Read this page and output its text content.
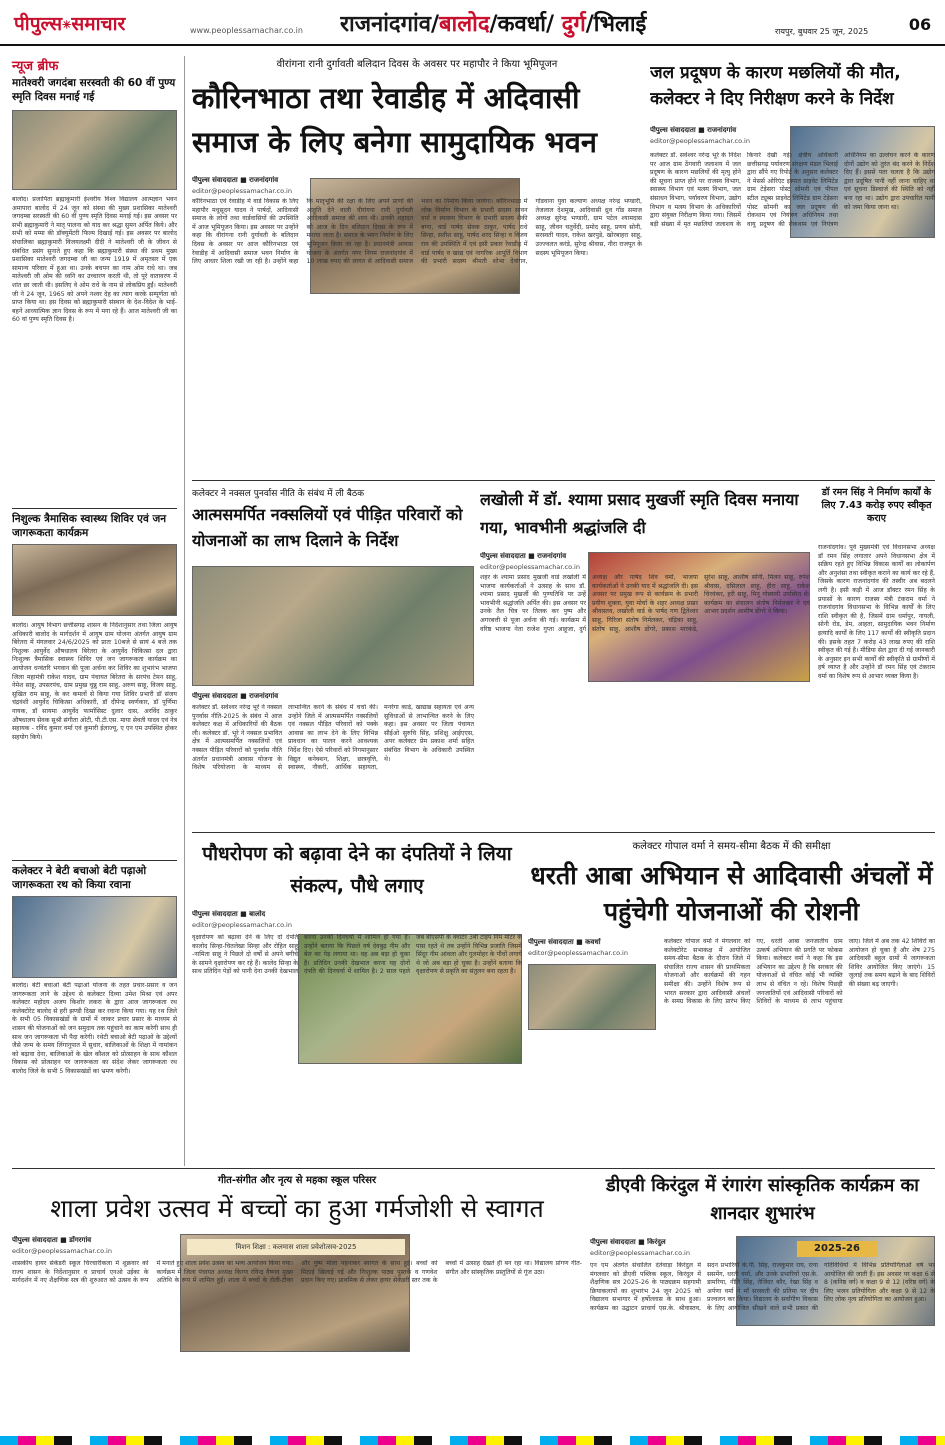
पीपुल्स✳समाचार	www.peoplessamachar.co.in	राजनांदगांव/बालोद/कवर्धा/ दुर्ग/भिलाई	रायपुर, बुधवार 25 जून, 2025	06
न्यूज ब्रीफ
मातेश्वरी जगदंबा सरस्वती की 60 वीं पुण्य स्मृति दिवस मनाई गई
बालोद। प्रजापिता ब्रह्माकुमारी ईश्वरीय विश्व विद्यालय आत्मज्ञान भवन अमापारा बालोद में 24 जून को संस्था की मुख्य प्रशासिका मातेश्वरी जगदम्बा सरस्वती की 60 वीं पुण्य स्मृति दिवस मनाई गई। इस अवसर पर सभी ब्रह्माकुमारी ने मातृ पालना को याद कर श्रद्धा सुमन अर्पित किये। और सभी को मम्मा की डॉक्युमेंटरी फिल्म दिखाई गई। इस अवसर पर बालोद संचालिका ब्रह्माकुमारी विजयलक्ष्मी दीदी ने मातेश्वरी जी के जीवन से संबंधित प्रसंग सुनाते हुए कहा कि ब्रह्माकुमारी संस्था की प्रथम मुख्य प्रशासिका मातेश्वरी जगदम्बा जी का जन्म 1919 में अमृतसर में एक सामान्य परिवार में हुआ था। उनके बचपन का नाम ओम राधे था। जब मातेश्वरी जी ओम की ध्वनि का उच्चारण करती थी, तो पूरे वातावरण में शांत छा जाती थी। इसलिए वे ओम राधे के नाम से लोकप्रिय हुईं। मातेश्वरी जी ने 24 जून, 1965 को अपने नश्वर देह का त्याग करके सम्पूर्णता को प्राप्त किया था। इस दिवस को ब्रह्माकुमारी संस्थान के देश-विदेश के भाई-बहनें आध्यात्मिक ज्ञान दिवस के रूप में मना रहे हैं। आज मातेश्वरी जी का 60 वां पुण्य स्मृति दिवस है।
निशुल्क त्रैमासिक स्वास्थ्य शिविर एवं जन जागरूकता कार्यक्रम
बालोद। आयुष विभाग छत्तीसगढ़ शासन के निर्देशानुसार तथा जिला आयुष अधिकारी बालोद के मार्गदर्शन में आयुष ग्राम योजना अंतर्गत आयुष ग्राम बिरेतरा में मंगलवार 24/6/2025 को प्रातः 10बजे से सायं 4 बजे तक निशुल्क आयुर्वेद औषधालय बिरेतरा के आयुर्वेद चिकित्सा दल द्वारा निःशुल्क त्रैमासिक स्वास्थ्य शिविर एवं जन जागरूकता कार्यक्रम का आयोजन धन्वंतरि भगवान की पूजा अर्चना कर शिविर का शुभारंभ भाजपा जिला महामंत्री राकेश यादव, ग्राम पंचायत बिरेतरा के सरपंच टेमन साहू, नेमेश साहू, उपसरपंच, ग्राम प्रमुख चुन्नु राम साहू, अरुण साहू, विजय साहू, सुखित राम साहू, के कर कमलों से किया गया शिविर प्रभारी डॉ संजय चंद्रवंशी आयुर्वेद चिकित्सा अधिकारी, डॉ दीपेन्द्र स्वर्णकार, डॉ पूर्णिमा नायक, डॉ सायमा आयुर्वेद फार्मासिस्ट दुलार दास, अरविंद ठाकुर औषधालय सेवक सुश्री संगीता ओटी, पी.टी.एस. माया सेवती यादव एवं नेत्र सहायक - रविंद कुमार वर्मा एवं कुमारी ईलाज्यू, ए एन एम उपस्थित होकर सहयोग किये।
कलेक्टर ने बेटी बचाओ बेटी पढ़ाओ जागरूकता रथ को किया रवाना
बालोद। बेटी बचाओ बेटी पढ़ाओ योजना के तहत प्रचार-प्रसार व जन जागरूकता लाने के उद्देश्य से कलेक्टर दिव्या उमेश मिश्रा एवं अपर कलेक्टर महोदय अजय किशोर लकरा के द्वारा आज जागरूकता रथ कलेक्टोरेट बालोद से हरी झण्डी दिखा कर रवाना किया गया। यह रथ जिले के सभी 05 विकासखंडों के ग्रामों में जाकर प्रचार प्रसार के माध्यम से शासन की योजनाओं को जन समुदाय तक पहुंचाने का काम करेगी साथ ही साथ जन जागरूकता भी पैदा करेगी। रथेटी बचाओ बेटी पढ़ाओ के उद्देश्यों जैसे जन्म के समय लिंगानुपात में सुधार, बालिकाओं के शिक्षा में नामांकन को बढ़ावा देना, बालिकाओं के खेल कौशल को प्रोत्साहन के साथ कौशल विकास को प्रोत्साहन पर जागरूकता का संदेश लेकर जागरूकता रथ बालोद जिले के सभी 5 विकासखंडों का भ्रमण करेगी।
वीरांगना रानी दुर्गावती बलिदान दिवस के अवसर पर महापौर ने किया भूमिपूजन
कौरिनभाठा तथा रेवाडीह में अदिवासी समाज के लिए बनेगा सामुदायिक भवन
पीपुल्स संवाददाता ■ राजनांदगांव
editor@peoplessamachar.co.in
कौरिनभाठा एवं रेवाडीह में वार्ड विकास के लिए महापौर मधुसूदन यादव ने पार्षदों, आदिवासी समाज के लोगों तथा वार्डवासियों की उपस्थिति में आज भूमिपूजन किया। इस अवसर पर उन्होंने कहा कि वीरांगना रानी दुर्गावती के बलिदान दिवस के अवसर पर आज कौरिनभाठा एवं रेवाडीह में आदिवासी समाज भवन निर्माण के लिए आधार शिला रखी जा रही है। उन्होंने कहा कि मातृभूमि की रक्षा के लिए अपने प्राणों की आहूति देने वाली वीरांगना रानी दुर्गावती आदिवासी समाज की शान थी। उनकी शहादत को आज के दिन बलिदान दिवस के रूप में मनाया जाता है। समाज के भवन निर्माण के लिए भूमिपूजन किया जा रहा है। प्रधानमंत्री आवास योजना के अंतर्गत नगर निगम राजनांदगांव में 10 लाख रुपए की लागत से आदिवासी समाज भवन का निर्माण किया जायेगा। कौरिनभाठा में लोक निर्माण विभाग के प्रभारी सदस्य सावन वर्मा व स्वास्थ्य विभाग के प्रभारी सदस्य शैकी बग्गा, वार्ड पार्षद सेवक ठाकुर, पार्षद राधे सिन्हा, सतीश साहू, पार्षद शरद सिन्हा व विजय राय की उपस्थिति में एवं इसी प्रकार रेवाडीह में वार्ड पार्षद व खाद्य एवं नागरिक आपूर्ति विभाग की प्रभारी सदस्य श्रीमती शोभा देवांगन, गोंडवाना युवा कल्याण अध्यक्ष नरेन्द्र भण्डारी, तेजलाल देशमुख, आदिवासी ध्रुव गोंड समाज अध्यक्ष सुरेन्द्र भण्डारी, ग्राम पटेल श्यामदास साहू, जीवन चतुर्वेदी, प्रमोद साहू, प्रणय सोनी, सरस्वती यादव, राकेश खरपुडे, खोरबाहरा साहू, उज्ज्वलत करंडे, सुरेन्द्र श्रीवास, नीरा राजपूत के सदस्य भूमिपूजन किया।
जल प्रदूषण के कारण मछलियों की मौत, कलेक्टर ने दिए निरीक्षण करने के निर्देश
पीपुल्स संवाददाता ■ राजनांदगांव
editor@peoplessamachar.co.in
कलेक्टर डॉ. सर्वेश्वर नरेन्द्र भूरे के निर्देश पर आज ग्राम ठेंगवारी जलाशय में जल प्रदूषण के कारण मछलियों की मृत्यु होने की सूचना प्राप्त होने पर राजस्व विभाग, स्वास्थ्य विभाग एवं मत्स्य विभाग, जल संसाधन विभाग, पर्यावरण विभाग, उद्योग विभाग व मत्स्य विभाग के अधिकारियों द्वारा संयुक्त निरीक्षण किया गया। जिसमें बड़ी संख्या में मृत मछलियां जलाशय के किनारे देखी गई। क्षेत्रीय अधिकारी छत्तीसगढ़ पर्यावरण संरक्षण मंडल भिलाई द्वारा सौंपे गए रिपोर्ट के अनुसार कलेक्टर ने मेसर्स ओरिएंट इस्पात प्राइवेट लिमिटेड ग्राम टेड़ेसरा पोस्ट सोमनी एवं पीपल स्टील ट्यूब्स प्राइवेट लिमिटेड ग्राम टेड़ेसरा पोस्ट सोमनी का जल प्रदूषण की रोकथाम एवं नियंत्रण अधिनियम तथा वायु प्रदूषण की रोकथाम एवं नियंत्रण अधिनियम का उल्लंघन करने के कारण दोनों उद्योग को तुरंत बंद करने के निर्देश दिए हैं। इससे पता चलता है कि उद्योग द्वारा प्रदूषित पानी नहीं जाना चाहिए था एवं सूचना डिस्चार्ज की स्थिति को नहीं बना रहा था। उद्योग द्वारा उपचारित पानी को जमा किया जाना था।
कलेक्टर ने नक्सल पुनर्वास नीति के संबंध में ली बैठक
आत्मसमर्पित नक्सलियों एवं पीड़ित परिवारों को योजनाओं का लाभ दिलाने के निर्देश
पीपुल्स संवाददाता ■ राजनांदगांव
कलेक्टर डॉ. सर्वेश्वर नरेन्द्र भूरे ने नक्सल पुनर्वास नीति-2025 के संबंध में आज कलेक्टर कक्ष में अधिकारियों की बैठक ली। कलेक्टर डॉ. भूरे ने नक्सल प्रभावित क्षेत्र में आत्मसमर्पित नक्सलियों एवं नक्सल पीड़ित परिवारों को पुनर्वास नीति अंतर्गत प्रधानमंत्री आवास योजना के विशेष परियोजना के माध्यम से लाभान्वित करने के संबंध में चर्चा की। उन्होंने जिले में आत्मसमर्पित नक्सलियों एवं नक्सल पीड़ित परिवारों को पक्के आवास का लाभ देने के लिए विभिन्न प्रावधान का पालन करने आवश्यक निर्देश दिए। ऐसे परिवारों को निगमानुसार विद्युत कनेक्शन, शिक्षा, छात्रवृत्ति, स्वास्थ्य, नौकरी, आर्थिक सहायता, मनरेगा कार्ड, खाद्यान्न सहायता एवं अन्य सुविधाओं से लाभान्वित करने के लिए कहा। इस अवसर पर जिला पंचायत सीईओ सुरुचि सिंह, प्रशिक्षु आईएएस, अपर कलेक्टर प्रेम प्रकाश शर्मा सहित संबंधित विभाग के अधिकारी उपस्थित थे।
लखोली में डॉ. श्यामा प्रसाद मुखर्जी स्मृति दिवस मनाया गया, भावभीनी श्रद्धांजलि दी
पीपुल्स संवाददाता ■ राजनांदगांव
editor@peoplessamachar.co.in
शहर के श्यामा प्रसाद मुखर्जी वार्ड लखोली में भाजपा कार्यकर्ताओं ने उत्साह के साथ डॉ. श्यामा प्रसाद मुखर्जी की पुण्यतिथि पर उन्हें भावभीनी श्रद्धांजलि अर्पित की। इस अवसर पर उनके तैल चित्र पर तिलक कर पुष्प और अगरबत्ती से पूजा अर्चना की गई। कार्यक्रम में वरिष्ठ भाजपा नेता राजेश गुप्ता आहूजा, दुर्ग अध्यक्ष और पार्षद शिव वर्मा, भाजपा कार्यकर्ताओं ने उनकी याद में श्रद्धांजलि दी। इस अवसर पर प्रमुख रूप से कार्यक्रम के प्रभारी प्रवीण शुक्ला, युवा मोर्चा के शहर अध्यक्ष प्रखर श्रीवास्तव, लखोली वार्ड के पार्षद गण द्वितेश्वर साहू, गिरिजा संतोष निर्मलकर, चंद्रिका साहू, संतोष साहू, आशीष डोंगरे, प्रकाश मारकंडे, सुरेश साहू, आशीष सोनी, मिलन साहू, रुपेश श्रीवास, दसिलाल साहू, हीरा साहू, राकेश चिरवंकर, हरी साहू, मिनू गोस्वामी उपस्थित थे। कार्यक्रम का संचालन संतोष निर्मलकर ने एवं आभार प्रदर्शन आशीष डोंगरे ने किया।
डॉ रमन सिंह ने निर्माण कार्यों के लिए 7.43 करोड़ रुपए स्वीकृत कराए
राजनांदगांव। पूर्व मुख्यमंत्री एवं विधानसभा अध्यक्ष डॉ रमन सिंह लगातार अपने विधानसभा क्षेत्र में सक्रिय रहते हुए विभिन्न विकास कार्यों का लोकार्पण और अनुशंसा तथा स्वीकृत कराने का कार्य कर रहे हैं, जिसके कारण राजनांदगांव की तस्वीर अब बदलने लगी है। इसी कड़ी में आज डॉक्टर रमन सिंह के प्रयासों के कारण राजस्व मंत्री टंकराम वर्मा ने राजनांदगांव विधानसभा के विभिन्न कार्यों के लिए राशि स्वीकृत की है, जिसमें ग्राम धर्मापुर, नायली, सोनी रोड, डेम, आहता, सामुदायिक भवन निर्माण इत्यादि कार्यों के लिए 117 कार्यों की स्वीकृति प्रदान की। इसके तहत 7 करोड़ 43 लाख रुपए की राशि स्वीकृत की गई है। मीडिया सेल द्वारा दी गई जानकारी के अनुसार इन सभी कार्यों की स्वीकृति से ग्रामीणों में हर्ष व्याप्त है और उन्होंने डॉ रमन सिंह एवं टंकराम वर्मा का विशेष रूप से आभार व्यक्त किया है।
पौधरोपण को बढ़ावा देने का दंपतियों ने लिया संकल्प, पौधे लगाए
पीपुल्स संवाददाता ■ बालोद
editor@peoplessamachar.co.in
वृक्षारोपण को बढ़ावा देने के लिए दो दंपति कालोद सिन्हा-चितलेखा सिन्हा और रोहित साहू -नामिता साहू ने पिछले दो वर्षों से अपने बगीचे के सामने वृक्षारोपण कर रहे हैं। कालेद सिन्हा के साथ प्रतिदिन पेड़ों को पानी देना उनकी देखभाल करना उनकी दिनचर्या में शामिल हो गया है। उन्होंने बताया कि पिछले वर्ष देवबुढ़ नीम और बेल का पेड़ लगाया था। वह अब बड़ा हो चुका है। प्रतिदिन उनकी देखभाल करना यह दोनों दंपति की दिनचर्या में शामिल है। 2 साल पहले जब बीएसपी के क्वार्टर 3बी टाइप निम मोटर के पास रहते थे तब उन्होंने विभिन्न प्रजाति जिसमें सिंदूर नीम आंवला और गुलमोहर के पौधों लगाये थे जो अब बड़ा हो चुका है। उन्होंने बताया कि वृक्षारोपण से प्रकृति का संतुलन बना रहता है।
कलेक्टर गोपाल वर्मा ने समय-सीमा बैठक में की समीक्षा
धरती आबा अभियान से आदिवासी अंचलों में पहुंचेगी योजनाओं की रोशनी
पीपुल्स संवाददाता ■ कवर्धा
editor@peoplessamachar.co.in
कलेक्टर गोपाल वर्मा ने मंगलवार को कलेक्टोरेट सभाकक्ष में आयोजित समय-सीमा बैठक के दौरान जिले में संचालित राज्य शासन की प्राथमिकता योजनाओं और कार्यक्रमों की गहन समीक्षा की। उन्होंने विशेष रूप से भारत सरकार द्वारा आदिवासी अंचलों के समग्र विकास के लिए प्रारंभ किए गए, धरती आबा जनजातीय ग्राम उत्कर्ष अभियान की प्रगति पर फोकस किया। कलेक्टर वर्मा ने कहा कि इस अभियान का उद्देश्य है कि सरकार की योजनाओं से वंचित कोई भी व्यक्ति लाभ से वंचित न रहे। विशेष पिछड़ी जनजातियों एवं आदिवासी परिवारों को शिविरों के माध्यम से लाभ पहुंचाया जाए। जिले में अब तक 42 शिविरों का आयोजन हो चुका है और शेष 275 आदिवासी बहुल ग्रामों में जागरूकता शिविर आयोजित किए जाएंगे। 15 जुलाई तक समय बढ़ाने के बाद शिविरों की संख्या बढ़ जाएगी।
गीत-संगीत और नृत्य से महका स्कूल परिसर
शाला प्रवेश उत्सव में बच्चों का हुआ गर्मजोशी से स्वागत
पीपुल्स संवाददाता ■ डोंगरगांव
editor@peoplessamachar.co.in	मिशन शिक्षा : कलमास शाला प्रवेशोत्सव-2025
शासकीय हायर सेकेंडरी स्कूल चिरचारीकला में शुक्रवार को राज्य शासन के निर्देशानुसार व प्राचार्य एनओ उईका के मार्गदर्शन में नए शैक्षणिक सत्र की शुरुआत को उत्सव के रूप में मनाते हुए शाला प्रवेश उत्सव का भव्य आयोजन किया गया। कार्यक्रम में जिला पंचायत अध्यक्ष किरण रविन्द्र वैष्णव मुख्य अतिथि के रूप में शामिल हुईं। शाला में बच्चों के रोली-टीका और पुष्प माला पहनाकर स्वागत के साथ हुई। बच्चों को मिठाई खिलाई गई और निःशुल्क पाठ्य पुस्तकें व गणवेश प्रदान किए गए। प्राथमिक से लेकर हायर सेकेंडरी स्तर तक के बच्चों में उत्साह देखते ही बन रहा था। विद्यालय प्रांगण गीत-संगीत और सांस्कृतिक प्रस्तुतियों से गूंज उठा।
डीएवी किरंदुल में रंगारंग सांस्कृतिक कार्यक्रम का शानदार शुभारंभ
पीपुल्स संवाददाता ■ किरंदुल
editor@peoplessamachar.co.in	2025-26
एन एम अंतर्गत संचालित दंतेवाड़ा किरंदुल में मंगलवार को डीएवी पब्लिक स्कूल, किरंदुल में शैक्षणिक सत्र 2025-26 के पाठ्यक्रम सहगामी क्रियाकलापों का शुभारंभ 24 जून 2025 को विद्यालय सभागार में हर्षोल्लास के साथ हुआ। कार्यक्रम का उद्घाटन प्राचार्य एस.के. श्रीवास्तव, सदन प्रभारियों के.पी. सिंह, राजकुमार राय, रत्ना ससमेंग, धरती वर्मा, और उनके प्रभारियों एस.के. डामरिया, नीति सिंह, तेजिंदर कौर, रेखा सिंह व अर्पणा वर्मा ने माँ सरस्वती की प्रतिमा पर दीप प्रज्वलन कर किया। विद्यालय के सर्वांगीण विकास के लिए आयोजित सीखने वाले सभी प्रकार की गतिविधियों में विभिन्न प्रतियोगिताओं वर्ष भर आयोजित की जाती हैं। इस अवसर पर कक्षा 6 से 8 (कनिष्ठ वर्ग) व कक्षा 9 से 12 (वरिष्ठ वर्ग) के लिए भजन प्रतियोगिता और कक्षा 9 से 12 के लिए लोक नृत्य प्रतियोगिता का आयोजन हुआ।
